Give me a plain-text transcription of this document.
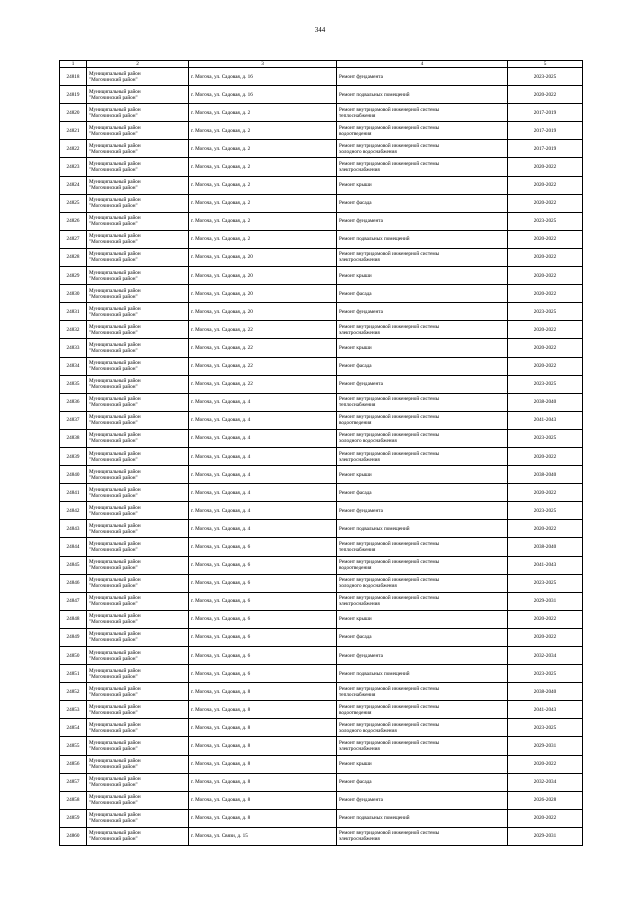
344
1	2	3	4	5
24818	Муниципальный район
"Могочинский район"	г. Могоча, ул. Садовая, д. 16	Ремонт фундамента	2023-2025
24819	Муниципальный район
"Могочинский район"	г. Могоча, ул. Садовая, д. 16	Ремонт подвальных помещений	2020-2022
24820	Муниципальный район
"Могочинский район"	г. Могоча, ул. Садовая, д. 2	Ремонт внутридомовой инженерной системы
теплоснабжения	2017-2019
24821	Муниципальный район
"Могочинский район"	г. Могоча, ул. Садовая, д. 2	Ремонт внутридомовой инженерной системы
водоотведения	2017-2019
24822	Муниципальный район
"Могочинский район"	г. Могоча, ул. Садовая, д. 2	Ремонт внутридомовой инженерной системы
холодного водоснабжения	2017-2019
24823	Муниципальный район
"Могочинский район"	г. Могоча, ул. Садовая, д. 2	Ремонт внутридомовой инженерной системы
электроснабжения	2020-2022
24824	Муниципальный район
"Могочинский район"	г. Могоча, ул. Садовая, д. 2	Ремонт крыши	2020-2022
24825	Муниципальный район
"Могочинский район"	г. Могоча, ул. Садовая, д. 2	Ремонт фасада	2020-2022
24826	Муниципальный район
"Могочинский район"	г. Могоча, ул. Садовая, д. 2	Ремонт фундамента	2023-2025
24827	Муниципальный район
"Могочинский район"	г. Могоча, ул. Садовая, д. 2	Ремонт подвальных помещений	2020-2022
24828	Муниципальный район
"Могочинский район"	г. Могоча, ул. Садовая, д. 20	Ремонт внутридомовой инженерной системы
электроснабжения	2020-2022
24829	Муниципальный район
"Могочинский район"	г. Могоча, ул. Садовая, д. 20	Ремонт крыши	2020-2022
24830	Муниципальный район
"Могочинский район"	г. Могоча, ул. Садовая, д. 20	Ремонт фасада	2020-2022
24831	Муниципальный район
"Могочинский район"	г. Могоча, ул. Садовая, д. 20	Ремонт фундамента	2023-2025
24832	Муниципальный район
"Могочинский район"	г. Могоча, ул. Садовая, д. 22	Ремонт внутридомовой инженерной системы
электроснабжения	2020-2022
24833	Муниципальный район
"Могочинский район"	г. Могоча, ул. Садовая, д. 22	Ремонт крыши	2020-2022
24834	Муниципальный район
"Могочинский район"	г. Могоча, ул. Садовая, д. 22	Ремонт фасада	2020-2022
24835	Муниципальный район
"Могочинский район"	г. Могоча, ул. Садовая, д. 22	Ремонт фундамента	2023-2025
24836	Муниципальный район
"Могочинский район"	г. Могоча, ул. Садовая, д. 4	Ремонт внутридомовой инженерной системы
теплоснабжения	2038-2040
24837	Муниципальный район
"Могочинский район"	г. Могоча, ул. Садовая, д. 4	Ремонт внутридомовой инженерной системы
водоотведения	2041-2043
24838	Муниципальный район
"Могочинский район"	г. Могоча, ул. Садовая, д. 4	Ремонт внутридомовой инженерной системы
холодного водоснабжения	2023-2025
24839	Муниципальный район
"Могочинский район"	г. Могоча, ул. Садовая, д. 4	Ремонт внутридомовой инженерной системы
электроснабжения	2020-2022
24840	Муниципальный район
"Могочинский район"	г. Могоча, ул. Садовая, д. 4	Ремонт крыши	2038-2040
24841	Муниципальный район
"Могочинский район"	г. Могоча, ул. Садовая, д. 4	Ремонт фасада	2020-2022
24842	Муниципальный район
"Могочинский район"	г. Могоча, ул. Садовая, д. 4	Ремонт фундамента	2023-2025
24843	Муниципальный район
"Могочинский район"	г. Могоча, ул. Садовая, д. 4	Ремонт подвальных помещений	2020-2022
24844	Муниципальный район
"Могочинский район"	г. Могоча, ул. Садовая, д. 6	Ремонт внутридомовой инженерной системы
теплоснабжения	2038-2040
24845	Муниципальный район
"Могочинский район"	г. Могоча, ул. Садовая, д. 6	Ремонт внутридомовой инженерной системы
водоотведения	2041-2043
24846	Муниципальный район
"Могочинский район"	г. Могоча, ул. Садовая, д. 6	Ремонт внутридомовой инженерной системы
холодного водоснабжения	2023-2025
24847	Муниципальный район
"Могочинский район"	г. Могоча, ул. Садовая, д. 6	Ремонт внутридомовой инженерной системы
электроснабжения	2029-2031
24848	Муниципальный район
"Могочинский район"	г. Могоча, ул. Садовая, д. 6	Ремонт крыши	2020-2022
24849	Муниципальный район
"Могочинский район"	г. Могоча, ул. Садовая, д. 6	Ремонт фасада	2020-2022
24850	Муниципальный район
"Могочинский район"	г. Могоча, ул. Садовая, д. 6	Ремонт фундамента	2032-2034
24851	Муниципальный район
"Могочинский район"	г. Могоча, ул. Садовая, д. 6	Ремонт подвальных помещений	2023-2025
24852	Муниципальный район
"Могочинский район"	г. Могоча, ул. Садовая, д. 8	Ремонт внутридомовой инженерной системы
теплоснабжения	2038-2040
24853	Муниципальный район
"Могочинский район"	г. Могоча, ул. Садовая, д. 8	Ремонт внутридомовой инженерной системы
водоотведения	2041-2043
24854	Муниципальный район
"Могочинский район"	г. Могоча, ул. Садовая, д. 8	Ремонт внутридомовой инженерной системы
холодного водоснабжения	2023-2025
24855	Муниципальный район
"Могочинский район"	г. Могоча, ул. Садовая, д. 8	Ремонт внутридомовой инженерной системы
электроснабжения	2029-2031
24856	Муниципальный район
"Могочинский район"	г. Могоча, ул. Садовая, д. 8	Ремонт крыши	2020-2022
24857	Муниципальный район
"Могочинский район"	г. Могоча, ул. Садовая, д. 8	Ремонт фасада	2032-2034
24858	Муниципальный район
"Могочинский район"	г. Могоча, ул. Садовая, д. 8	Ремонт фундамента	2026-2028
24859	Муниципальный район
"Могочинский район"	г. Могоча, ул. Садовая, д. 8	Ремонт подвальных помещений	2020-2022
24860	Муниципальный район
"Могочинский район"	г. Могоча, ул. Связи, д. 15	Ремонт внутридомовой инженерной системы
электроснабжения	2029-2031
